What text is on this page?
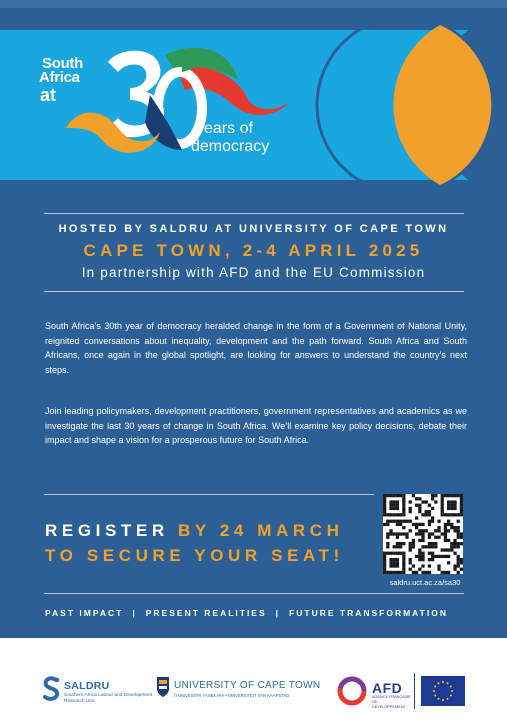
South
Africa
at
years of
democracy
HOSTED BY SALDRU AT UNIVERSITY OF CAPE TOWN
CAPE TOWN, 2-4 APRIL 2025
In partnership with AFD and the EU Commission

South Africa’s 30th year of democracy heralded change in the form of a Government of National Unity, reignited conversations about inequality, development and the path forward. South Africa and South Africans, once again in the global spotlight, are looking for answers to understand the country’s next steps.

Join leading policymakers, development practitioners, government representatives and academics as we investigate the last 30 years of change in South Africa. We’ll examine key policy decisions, debate their impact and shape a vision for a prosperous future for South Africa.

REGISTER BY 24 MARCH
TO SECURE YOUR SEAT!
saldru.uct.ac.za/sa30
PAST IMPACT | PRESENT REALITIES | FUTURE TRANSFORMATION
SALDRU
Southern Africa Labour and Development Research Unit
UNIVERSITY OF CAPE TOWN
IYUNIVESITHI YASEKAPA • UNIVERSITEIT VAN KAAPSTAD	AFD
AGENCE FRANÇAISE DE DÉVELOPPEMENT
